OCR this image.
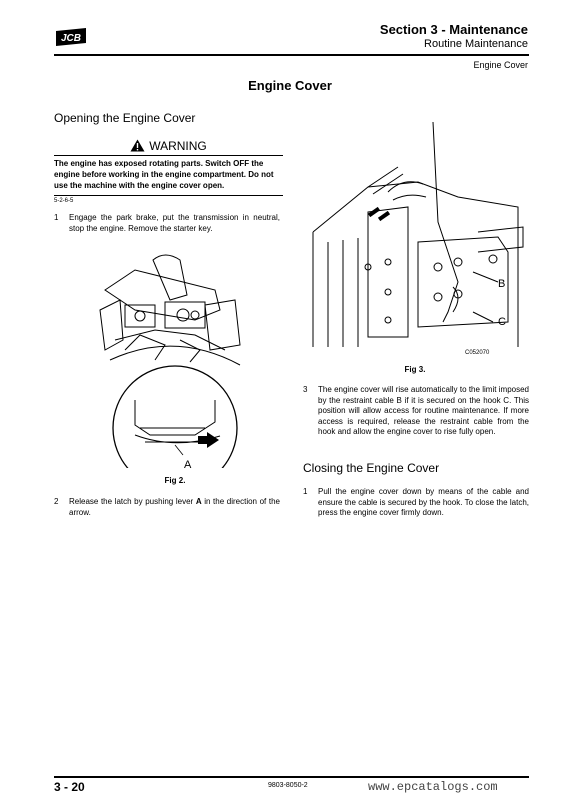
JCB
Section 3 - Maintenance
Routine Maintenance
Engine Cover
Engine Cover
Opening the Engine Cover
WARNING
The engine has exposed rotating parts. Switch OFF the engine before working in the engine compartment. Do not use the machine with the engine cover open.
5-2-6-5
1 Engage the park brake, put the transmission in neutral, stop the engine. Remove the starter key.
A
Fig 2.
2 Release the latch by pushing lever A in the direction of the arrow.
B
C
C052070
Fig 3.
3 The engine cover will rise automatically to the limit imposed by the restraint cable B if it is secured on the hook C. This position will allow access for routine maintenance. If more access is required, release the restraint cable from the hook and allow the engine cover to rise fully open.
Closing the Engine Cover
1 Pull the engine cover down by means of the cable and ensure the cable is secured by the hook. To close the latch, press the engine cover firmly down.
3 - 20	9803-8050-2	www.epcatalogs.com
